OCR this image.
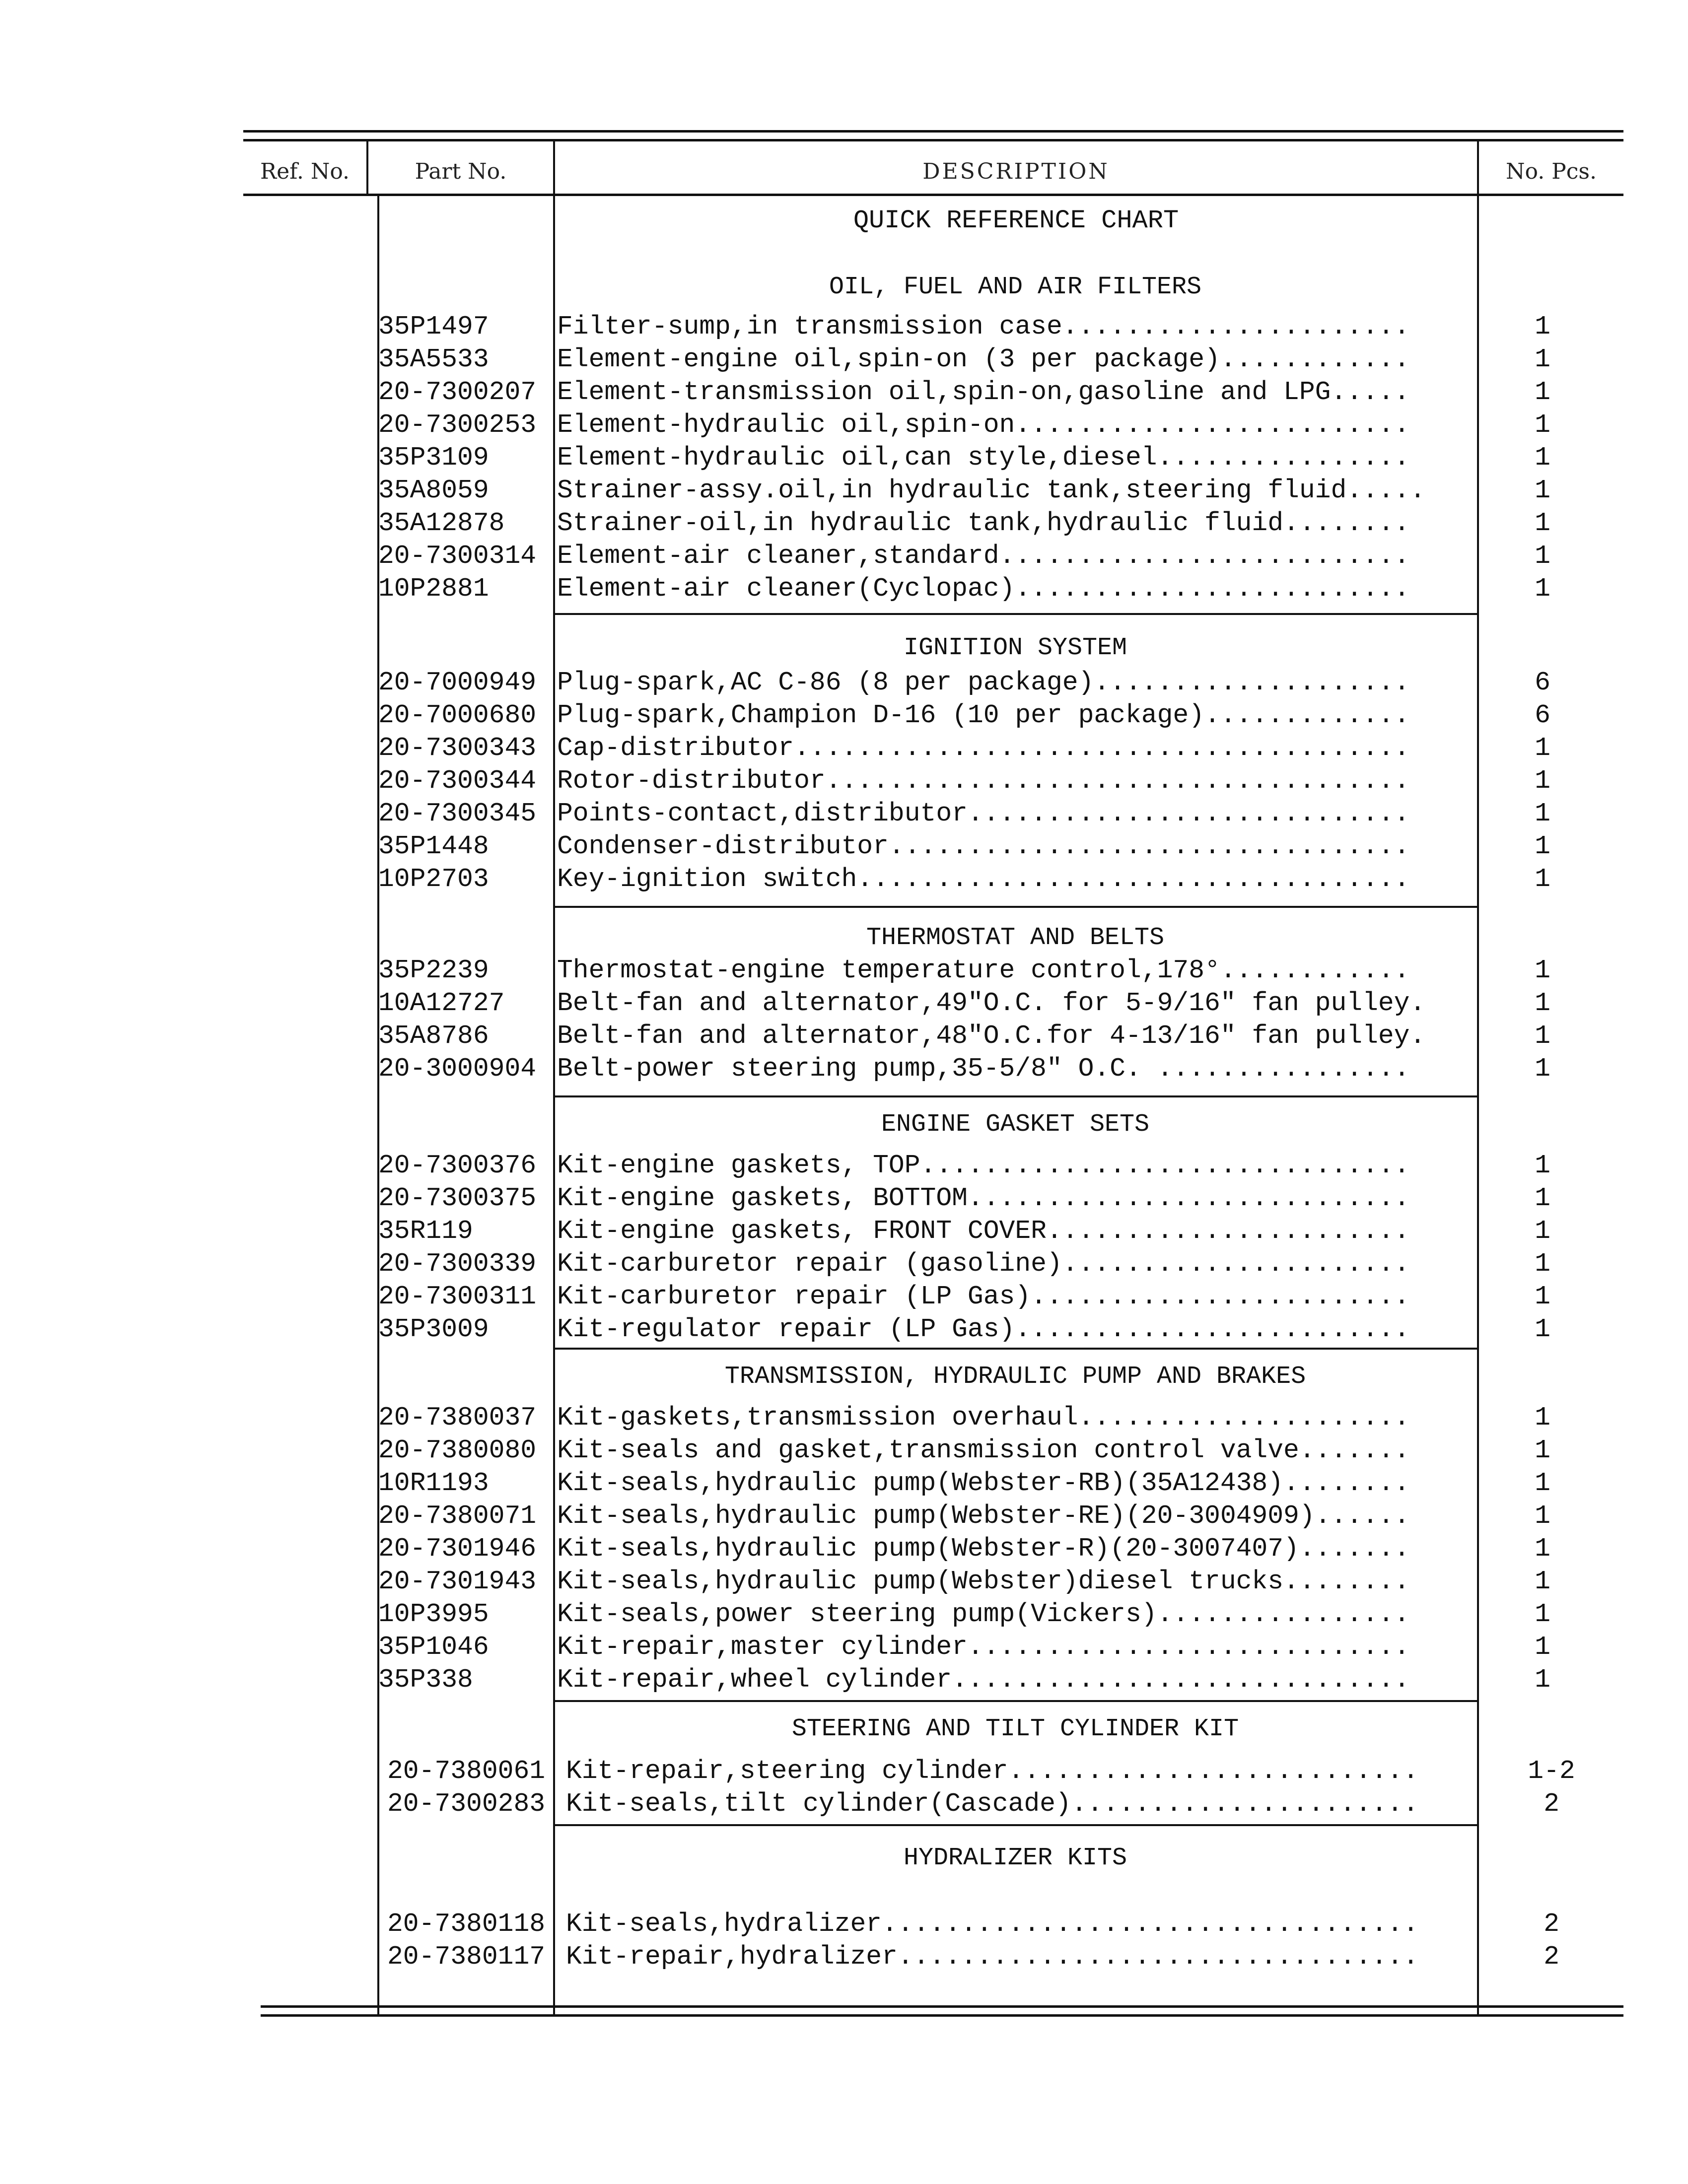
Ref. No.	Part No.	DESCRIPTION	No. Pcs.
QUICK REFERENCE CHART
OIL, FUEL AND AIR FILTERS
IGNITION SYSTEM
THERMOSTAT AND BELTS
ENGINE GASKET SETS
TRANSMISSION, HYDRAULIC PUMP AND BRAKES
STEERING AND TILT CYLINDER KIT
HYDRALIZER KITS
35P1497	Filter-sump,in transmission case......................	1
35A5533	Element-engine oil,spin-on (3 per package)............	1
20-7300207 Element-transmission oil,spin-on,gasoline and LPG.....	1
20-7300253 Element-hydraulic oil,spin-on.........................	1
35P3109	Element-hydraulic oil,can style,diesel................	1
35A8059	Strainer-assy.oil,in hydraulic tank,steering fluid.....	1
35A12878 Strainer-oil,in hydraulic tank,hydraulic fluid........	1
20-7300314 Element-air cleaner,standard..........................	1
10P2881	Element-air cleaner(Cyclopac).........................	1
20-7000949 Plug-spark,AC C-86 (8 per package)....................	6
20-7000680 Plug-spark,Champion D-16 (10 per package).............	6
20-7300343 Cap-distributor.......................................	1
20-7300344 Rotor-distributor.....................................	1
20-7300345 Points-contact,distributor............................	1
35P1448	Condenser-distributor.................................	1
10P2703	Key-ignition switch...................................	1
35P2239	Thermostat-engine temperature control,178°............	1
10A12727 Belt-fan and alternator,49"O.C. for 5-9/16" fan pulley.	1
35A8786	Belt-fan and alternator,48"O.C.for 4-13/16" fan pulley.	1
20-3000904 Belt-power steering pump,35-5/8" O.C. ................	1
20-7300376 Kit-engine gaskets, TOP...............................	1
20-7300375 Kit-engine gaskets, BOTTOM............................	1
35R119	Kit-engine gaskets, FRONT COVER.......................	1
20-7300339 Kit-carburetor repair (gasoline)......................	1
20-7300311 Kit-carburetor repair (LP Gas)........................	1
35P3009	Kit-regulator repair (LP Gas).........................	1
20-7380037 Kit-gaskets,transmission overhaul.....................	1
20-7380080 Kit-seals and gasket,transmission control valve.......	1
10R1193	Kit-seals,hydraulic pump(Webster-RB)(35A12438)........	1
20-7380071 Kit-seals,hydraulic pump(Webster-RE)(20-3004909)......	1
20-7301946 Kit-seals,hydraulic pump(Webster-R)(20-3007407).......	1
20-7301943 Kit-seals,hydraulic pump(Webster)diesel trucks........	1
10P3995	Kit-seals,power steering pump(Vickers)................	1
35P1046	Kit-repair,master cylinder............................	1
35P338	Kit-repair,wheel cylinder.............................	1
20-7380061 Kit-repair,steering cylinder..........................	1-2
20-7300283 Kit-seals,tilt cylinder(Cascade)......................	2
20-7380118 Kit-seals,hydralizer..................................	2
20-7380117 Kit-repair,hydralizer.................................	2
